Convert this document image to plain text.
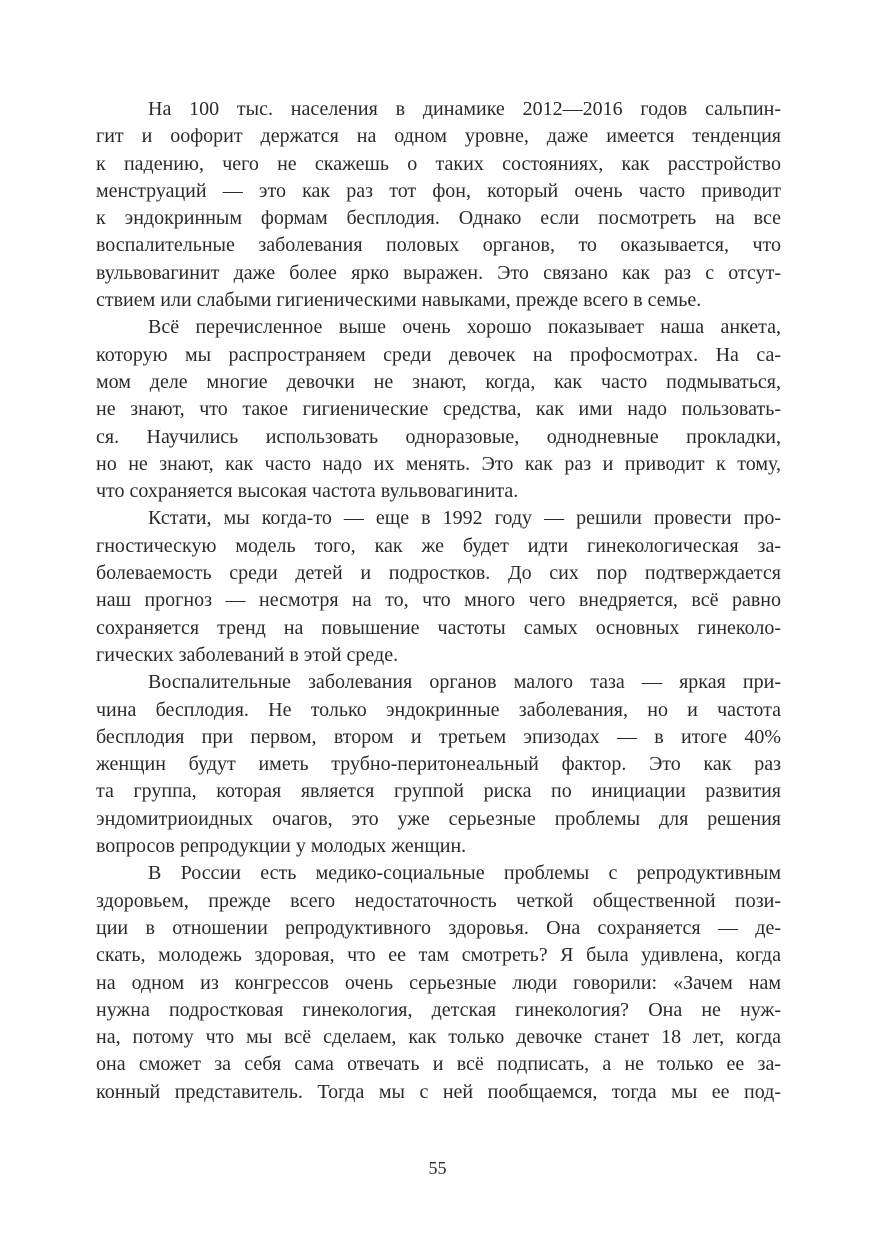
На 100 тыс. населения в динамике 2012—2016 годов сальпин-
гит и оофорит держатся на одном уровне, даже имеется тенденция
к падению, чего не скажешь о таких состояниях, как расстройство
менструаций — это как раз тот фон, который очень часто приводит
к эндокринным формам бесплодия. Однако если посмотреть на все
воспалительные заболевания половых органов, то оказывается, что
вульвовагинит даже более ярко выражен. Это связано как раз с отсут-
ствием или слабыми гигиеническими навыками, прежде всего в семье.
Всё перечисленное выше очень хорошо показывает наша анкета,
которую мы распространяем среди девочек на профосмотрах. На са-
мом деле многие девочки не знают, когда, как часто подмываться,
не знают, что такое гигиенические средства, как ими надо пользовать-
ся. Научились использовать одноразовые, однодневные прокладки,
но не знают, как часто надо их менять. Это как раз и приводит к тому,
что сохраняется высокая частота вульвовагинита.
Кстати, мы когда-то — еще в 1992 году — решили провести про-
гностическую модель того, как же будет идти гинекологическая за-
болеваемость среди детей и подростков. До сих пор подтверждается
наш прогноз — несмотря на то, что много чего внедряется, всё равно
сохраняется тренд на повышение частоты самых основных гинеколо-
гических заболеваний в этой среде.
Воспалительные заболевания органов малого таза — яркая при-
чина бесплодия. Не только эндокринные заболевания, но и частота
бесплодия при первом, втором и третьем эпизодах — в итоге 40%
женщин будут иметь трубно-перитонеальный фактор. Это как раз
та группа, которая является группой риска по инициации развития
эндомитриоидных очагов, это уже серьезные проблемы для решения
вопросов репродукции у молодых женщин.
В России есть медико-социальные проблемы с репродуктивным
здоровьем, прежде всего недостаточность четкой общественной пози-
ции в отношении репродуктивного здоровья. Она сохраняется — де-
скать, молодежь здоровая, что ее там смотреть? Я была удивлена, когда
на одном из конгрессов очень серьезные люди говорили: «Зачем нам
нужна подростковая гинекология, детская гинекология? Она не нуж-
на, потому что мы всё сделаем, как только девочке станет 18 лет, когда
она сможет за себя сама отвечать и всё подписать, а не только ее за-
конный представитель. Тогда мы с ней пообщаемся, тогда мы ее под-
55
